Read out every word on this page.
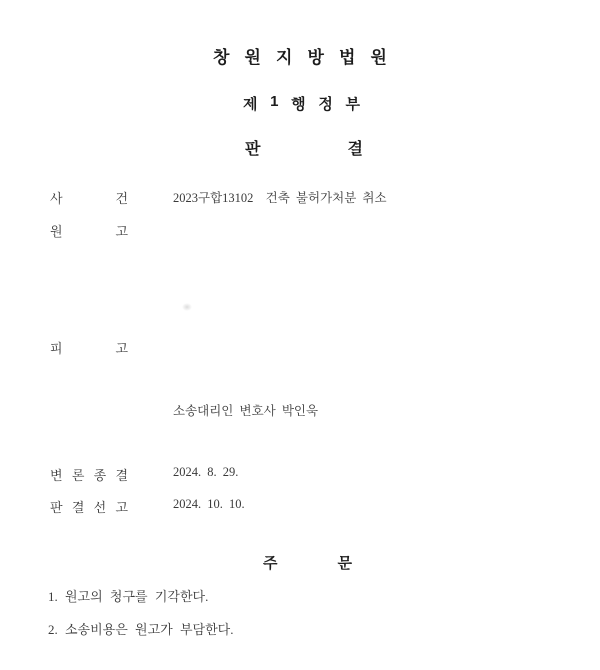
창 원 지 방 법 원
제 1 행 정 부
판	결
사	건	2023구합13102  건축 불허가처분 취소
원	고
피	고
소송대리인 변호사 박인욱
변 론 종 결	2024. 8. 29.
판 결 선 고	2024. 10. 10.
주	문
1. 원고의 청구를 기각한다.
2. 소송비용은 원고가 부담한다.
